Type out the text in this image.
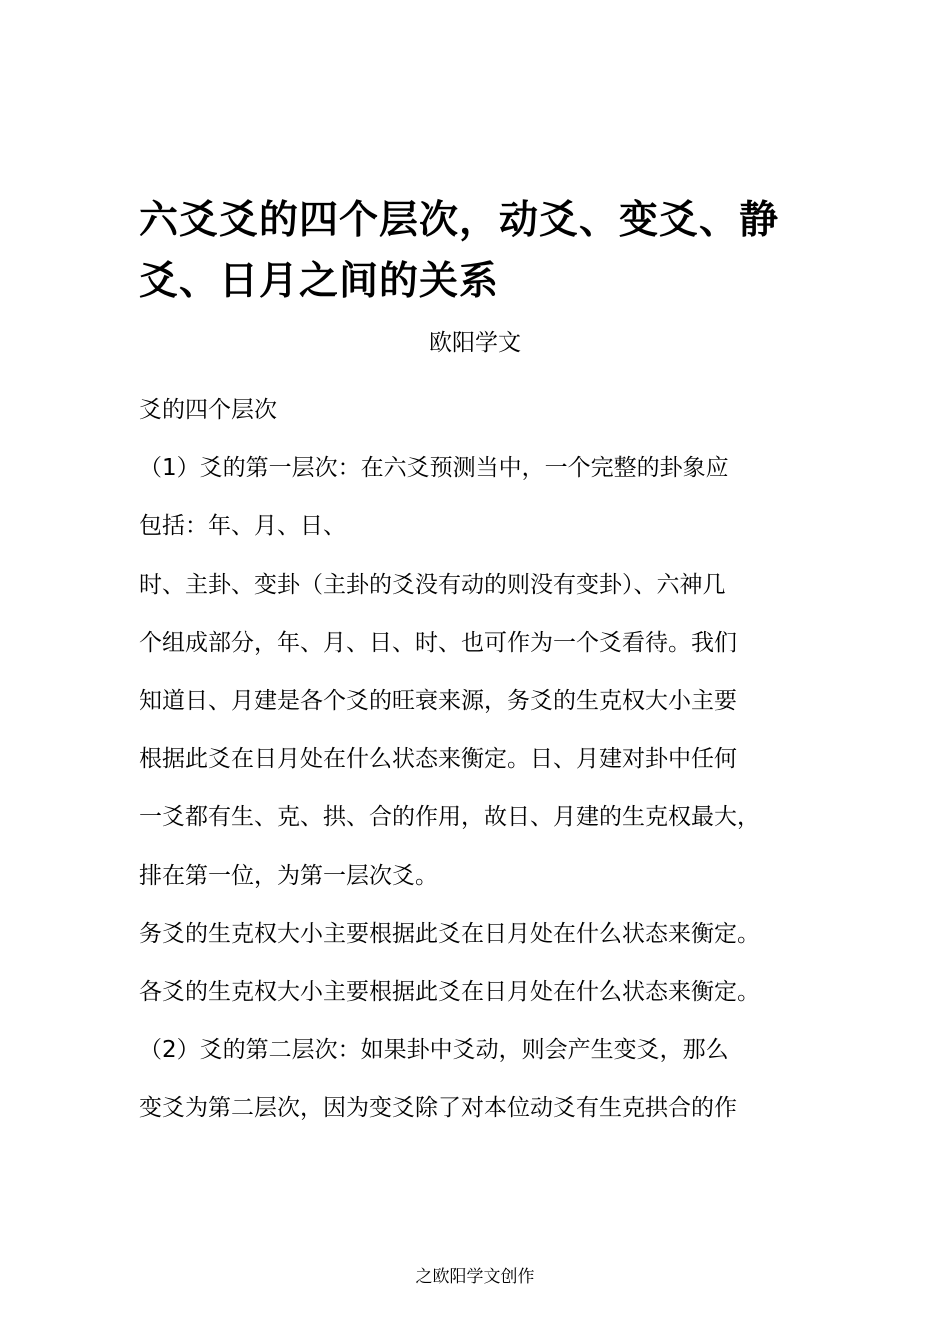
六爻爻的四个层次，动爻、变爻、静
爻、日月之间的关系
欧阳学文
爻的四个层次
（1）爻的第一层次：在六爻预测当中，一个完整的卦象应
包括：年、月、日、
时、主卦、变卦（主卦的爻没有动的则没有变卦）、六神几
个组成部分，年、月、日、时、也可作为一个爻看待。我们
知道日、月建是各个爻的旺衰来源，务爻的生克权大小主要
根据此爻在日月处在什么状态来衡定。日、月建对卦中任何
一爻都有生、克、拱、合的作用，故日、月建的生克权最大，
排在第一位，为第一层次爻。
务爻的生克权大小主要根据此爻在日月处在什么状态来衡定。
各爻的生克权大小主要根据此爻在日月处在什么状态来衡定。
（2）爻的第二层次：如果卦中爻动，则会产生变爻，那么
变爻为第二层次，因为变爻除了对本位动爻有生克拱合的作
之欧阳学文创作
